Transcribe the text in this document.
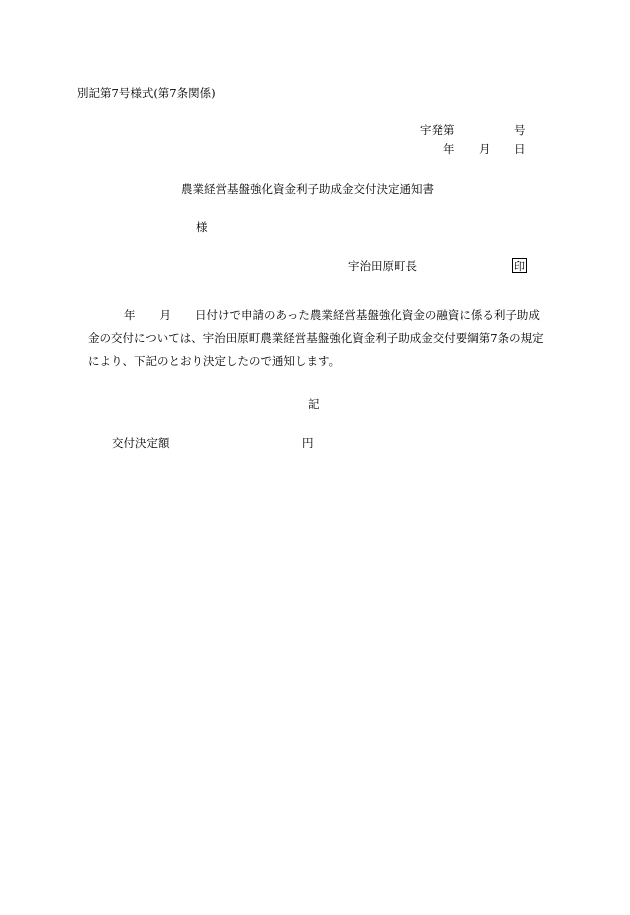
別記第7号様式(第7条関係)
宇発第	号
年 月 日
農業経営基盤強化資金利子助成金交付決定通知書
様
宇治田原町長	印
年 月 日付けで申請のあった農業経営基盤強化資金の融資に係る利子助成
金の交付については、宇治田原町農業経営基盤強化資金利子助成金交付要綱第7条の規定
により、下記のとおり決定したので通知します。
記
交付決定額	円
